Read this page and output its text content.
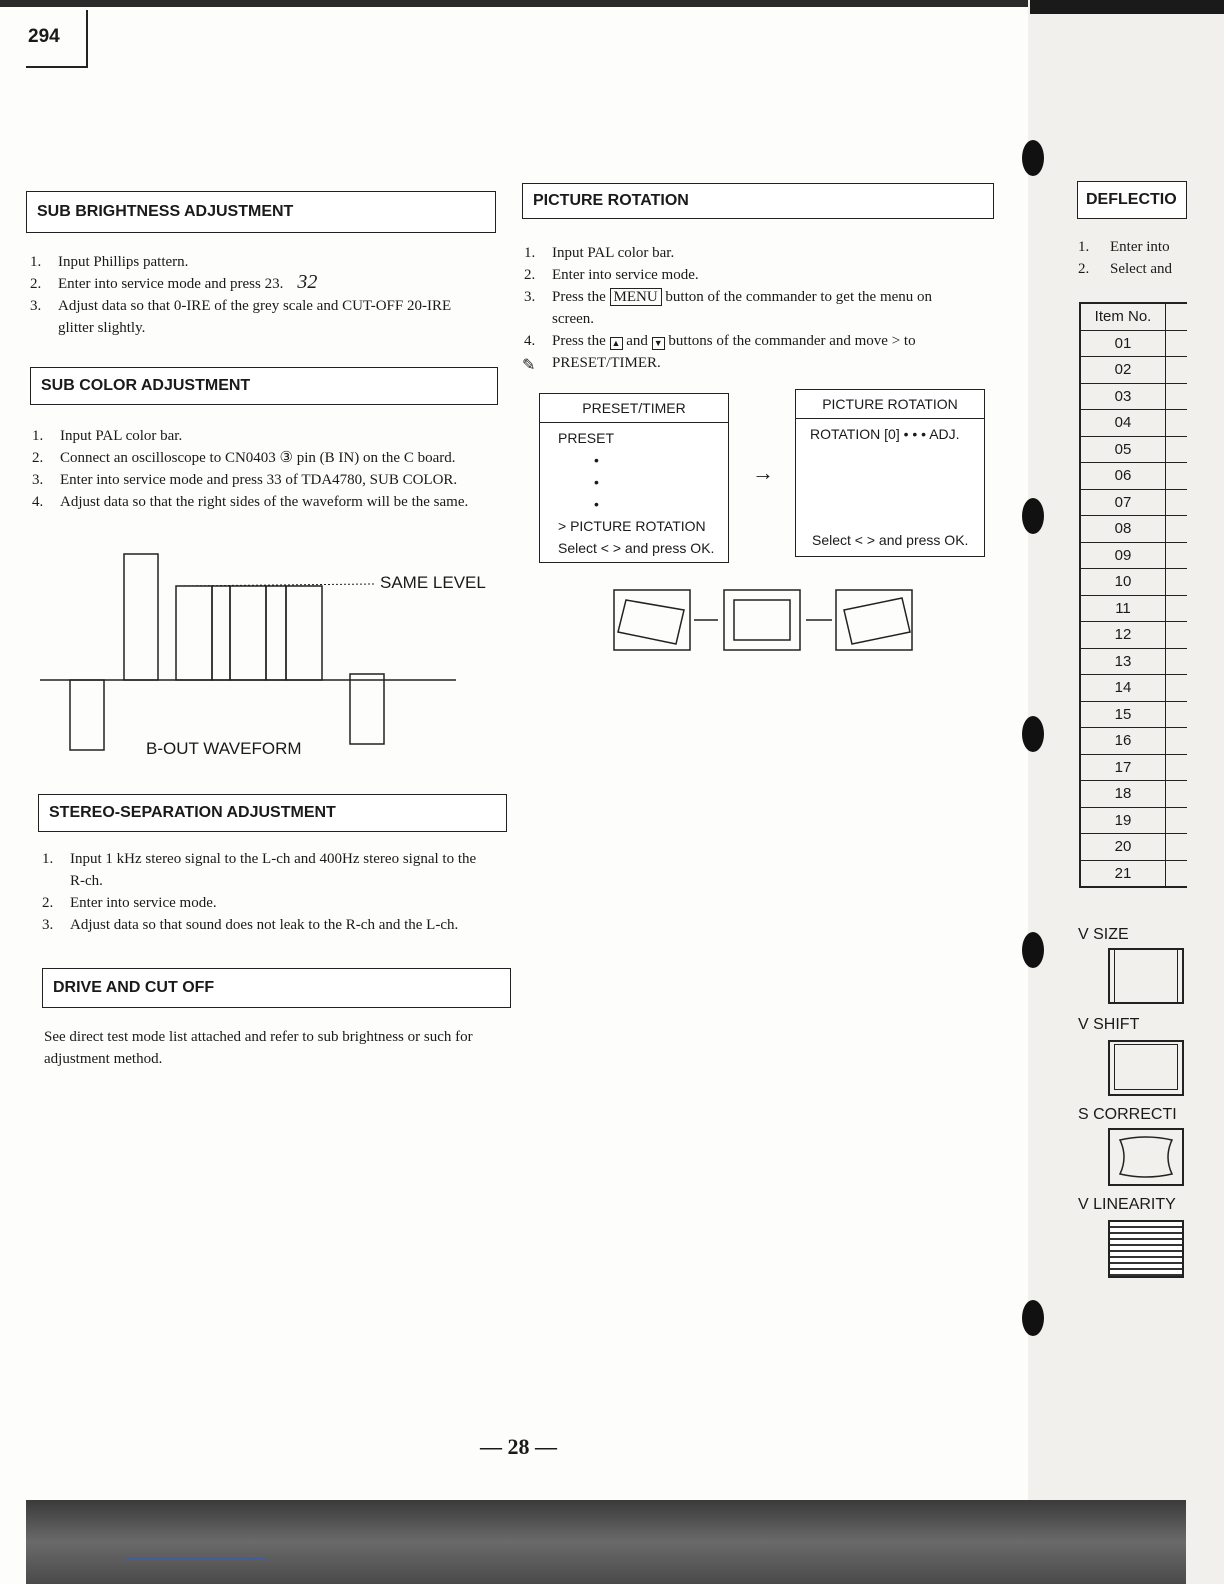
294
SUB BRIGHTNESS ADJUSTMENT
1.	Input Phillips pattern.
2.	Enter into service mode and press 23. 32
3.	Adjust data so that 0-IRE of the grey scale and CUT-OFF 20-IRE
glitter slightly.
SUB COLOR ADJUSTMENT
1.	Input PAL color bar.
2.	Connect an oscilloscope to CN0403 ③ pin (B IN) on the C board.
3.	Enter into service mode and press 33 of TDA4780, SUB COLOR.
4.	Adjust data so that the right sides of the waveform will be the same.
SAME LEVEL
B-OUT WAVEFORM
STEREO-SEPARATION ADJUSTMENT
1.	Input 1 kHz stereo signal to the L-ch and 400Hz stereo signal to the
R-ch.
2.	Enter into service mode.
3.	Adjust data so that sound does not leak to the R-ch and the L-ch.
DRIVE AND CUT OFF
See direct test mode list attached and refer to sub brightness or such for
adjustment method.
PICTURE ROTATION
1.	Input PAL color bar.
2.	Enter into service mode.
3.	Press the MENU button of the commander to get the menu on
screen.
4.	Press the ▲ and ▼ buttons of the commander and move > to
PRESET/TIMER.
✎
PRESET/TIMER
PRESET
•
•
•
> PICTURE ROTATION
Select < > and press OK.
→
PICTURE ROTATION
ROTATION [0] • • • ADJ.
Select < > and press OK.
DEFLECTIO
1.	Enter into
2.	Select and
Item No.	
01	
02	
03	
04	
05	
06	
07	
08	
09	
10	
11	
12	
13	
14	
15	
16	
17	
18	
19	
20	
21	
V SIZE
V SHIFT
S CORRECTI
V LINEARITY
— 28 —
